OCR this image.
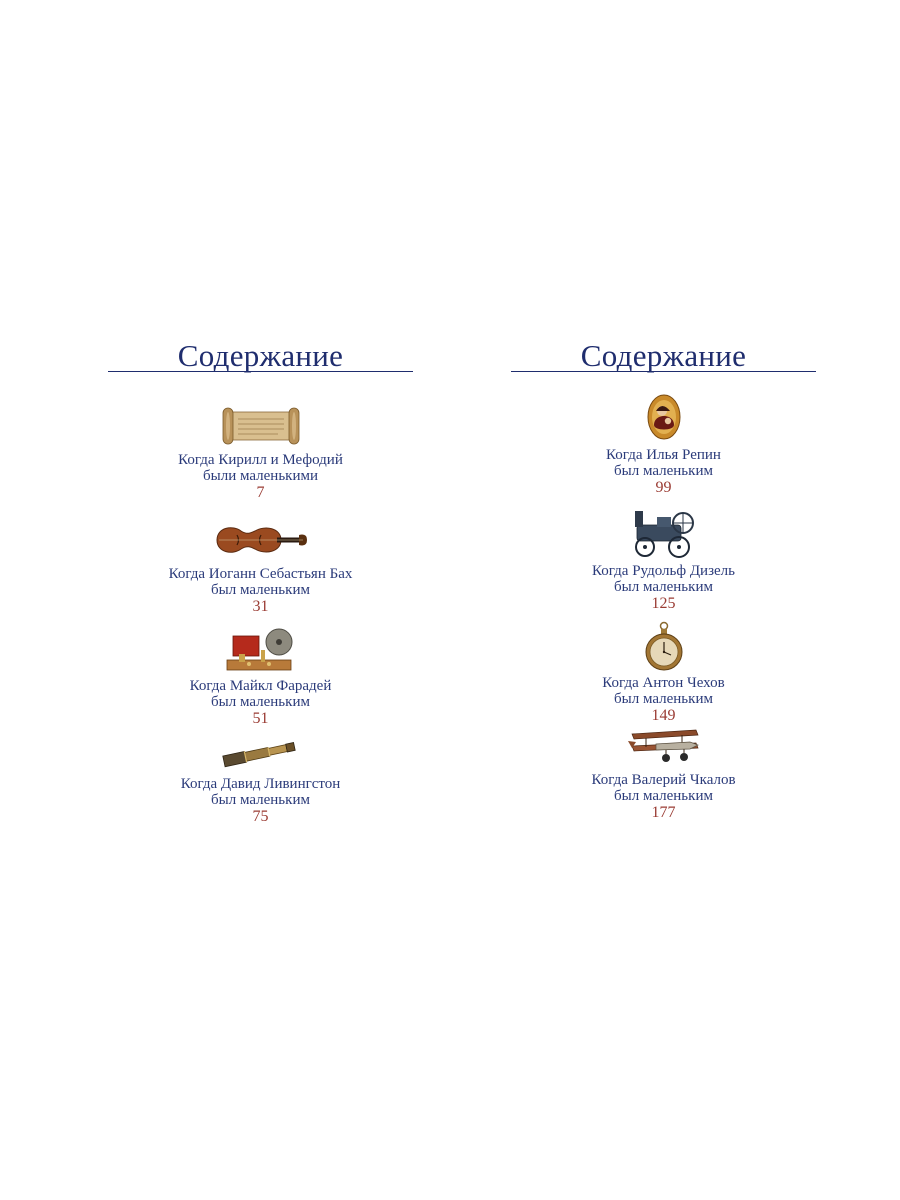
Содержание
Когда Кирилл и Мефодий
были маленькими
7
Когда Иоганн Себастьян Бах
был маленьким
31
Когда Майкл Фарадей
был маленьким
51
Когда Давид Ливингстон
был маленьким
75
Содержание
Когда Илья Репин
был маленьким
99
Когда Рудольф Дизель
был маленьким
125
Когда Антон Чехов
был маленьким
149
Когда Валерий Чкалов
был маленьким
177
